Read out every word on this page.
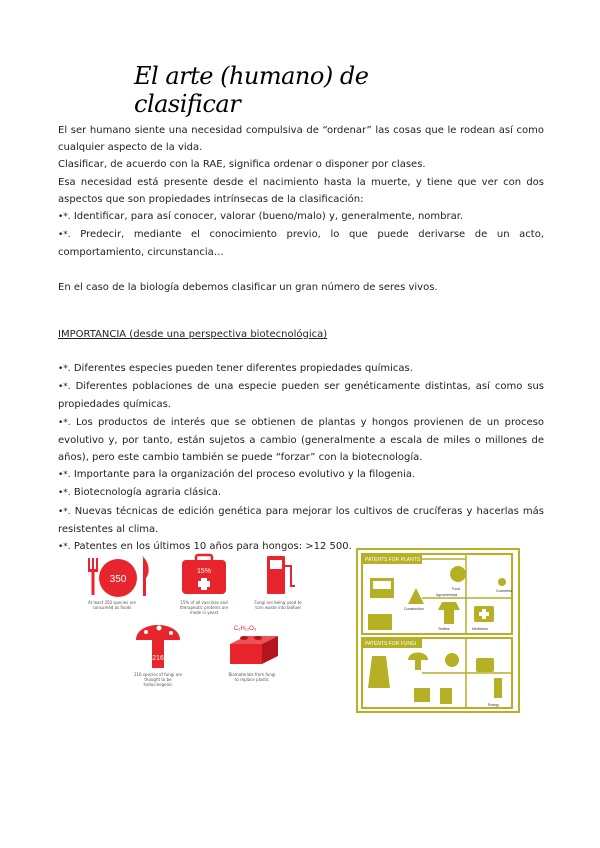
El arte (humano) de clasificar

El ser humano siente una necesidad compulsiva de “ordenar” las cosas que le rodean así como cualquier aspecto de la vida.

Clasificar, de acuerdo con la RAE, significa ordenar o disponer por clases.

Esa necesidad está presente desde el nacimiento hasta la muerte, y tiene que ver con dos aspectos que son propiedades intrínsecas de la clasificación:

•*. Identificar, para así conocer, valorar (bueno/malo) y, generalmente, nombrar.

•*. Predecir, mediante el conocimiento previo, lo que puede derivarse de un acto, comportamiento, circunstancia…

En el caso de la biología debemos clasificar un gran número de seres vivos.

IMPORTANCIA (desde una perspectiva biotecnológica)

•*. Diferentes especies pueden tener diferentes propiedades químicas.

•*. Diferentes poblaciones de una especie pueden ser genéticamente distintas, así como sus propiedades químicas.

•*. Los productos de interés que se obtienen de plantas y hongos provienen de un proceso evolutivo y, por tanto, están sujetos a cambio (generalmente a escala de miles o millones de años), pero este cambio también se puede “forzar” con la biotecnología.

•*. Importante para la organización del proceso evolutivo y la filogenia.

•*. Biotecnología agraria clásica.

•*. Nuevas técnicas de edición genética para mejorar los cultivos de crucíferas y hacerlas más resistentes al clima.

•*. Patentes en los últimos 10 años para hongos: >12 500.

350
15%
216
C₆H₁₂O₆
At least 350 species are consumed as foods
15% of all vaccines and therapeutic proteins are made in yeast
Fungi are being used to turn waste into biofuel
216 species of fungi are thought to be hallucinogenic
Biomaterials from fungi to replace plastic
PATENTS FOR PLANTS
PATENTS FOR FUNGI
Construction
Agrochemical
Food	Cosmetics
Textiles	Medicines
Energy
